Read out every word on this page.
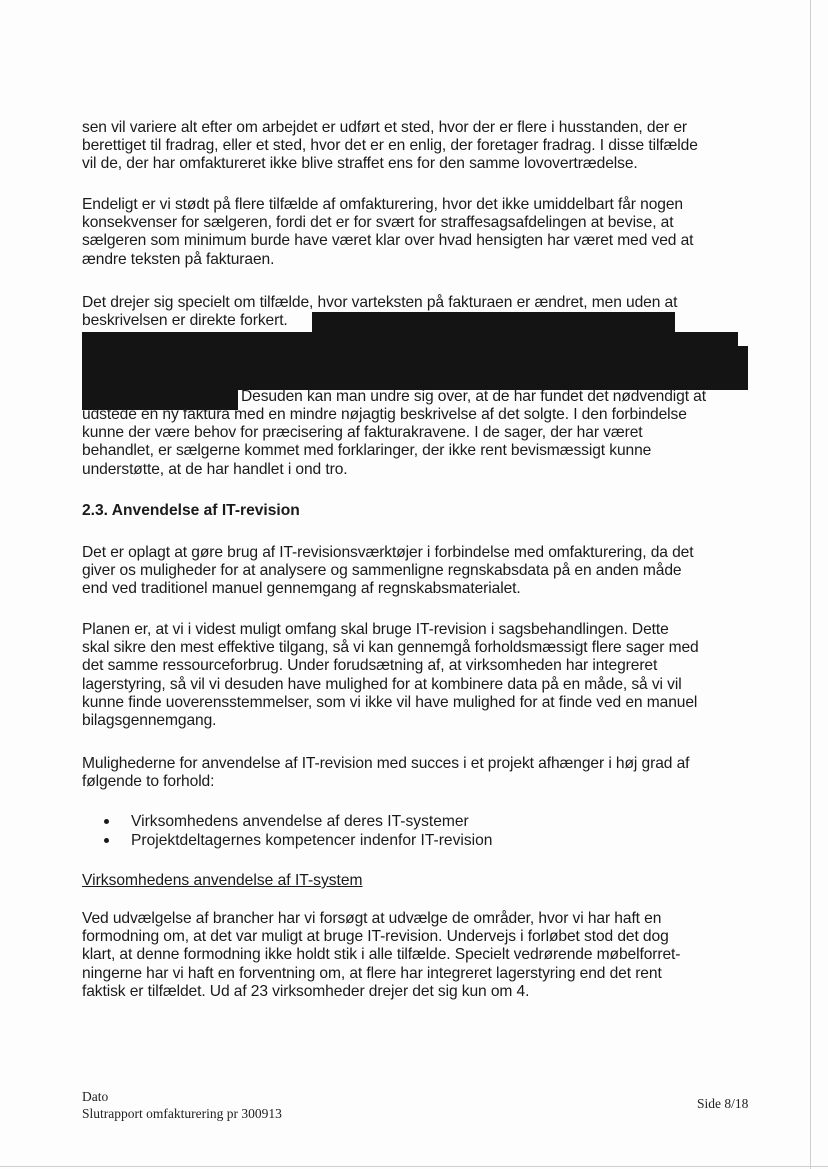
sen vil variere alt efter om arbejdet er udført et sted, hvor der er flere i husstanden, der er
berettiget til fradrag, eller et sted, hvor det er en enlig, der foretager fradrag. I disse tilfælde
vil de, der har omfaktureret ikke blive straffet ens for den samme lovovertrædelse.
Endeligt er vi stødt på flere tilfælde af omfakturering, hvor det ikke umiddelbart får nogen
konsekvenser for sælgeren, fordi det er for svært for straffesagsafdelingen at bevise, at
sælgeren som minimum burde have været klar over hvad hensigten har været med ved at
ændre teksten på fakturaen.
Det drejer sig specielt om tilfælde, hvor varteksten på fakturaen er ændret, men uden at
beskrivelsen er direkte forkert.
Desuden kan man undre sig over, at de har fundet det nødvendigt at
udstede en ny faktura med en mindre nøjagtig beskrivelse af det solgte. I den forbindelse
kunne der være behov for præcisering af fakturakravene. I de sager, der har været
behandlet, er sælgerne kommet med forklaringer, der ikke rent bevismæssigt kunne
understøtte, at de har handlet i ond tro.
2.3. Anvendelse af IT-revision
Det er oplagt at gøre brug af IT-revisionsværktøjer i forbindelse med omfakturering, da det
giver os muligheder for at analysere og sammenligne regnskabsdata på en anden måde
end ved traditionel manuel gennemgang af regnskabsmaterialet.
Planen er, at vi i videst muligt omfang skal bruge IT-revision i sagsbehandlingen. Dette
skal sikre den mest effektive tilgang, så vi kan gennemgå forholdsmæssigt flere sager med
det samme ressourceforbrug. Under forudsætning af, at virksomheden har integreret
lagerstyring, så vil vi desuden have mulighed for at kombinere data på en måde, så vi vil
kunne finde uoverensstemmelser, som vi ikke vil have mulighed for at finde ved en manuel
bilagsgennemgang.
Mulighederne for anvendelse af IT-revision med succes i et projekt afhænger i høj grad af
følgende to forhold:
Virksomhedens anvendelse af deres IT-systemer
Projektdeltagernes kompetencer indenfor IT-revision
Virksomhedens anvendelse af IT-system
Ved udvælgelse af brancher har vi forsøgt at udvælge de områder, hvor vi har haft en
formodning om, at det var muligt at bruge IT-revision. Undervejs i forløbet stod det dog
klart, at denne formodning ikke holdt stik i alle tilfælde. Specielt vedrørende møbelforret-
ningerne har vi haft en forventning om, at flere har integreret lagerstyring end det rent
faktisk er tilfældet. Ud af 23 virksomheder drejer det sig kun om 4.
Dato
Slutrapport omfakturering pr 300913
Side 8/18
